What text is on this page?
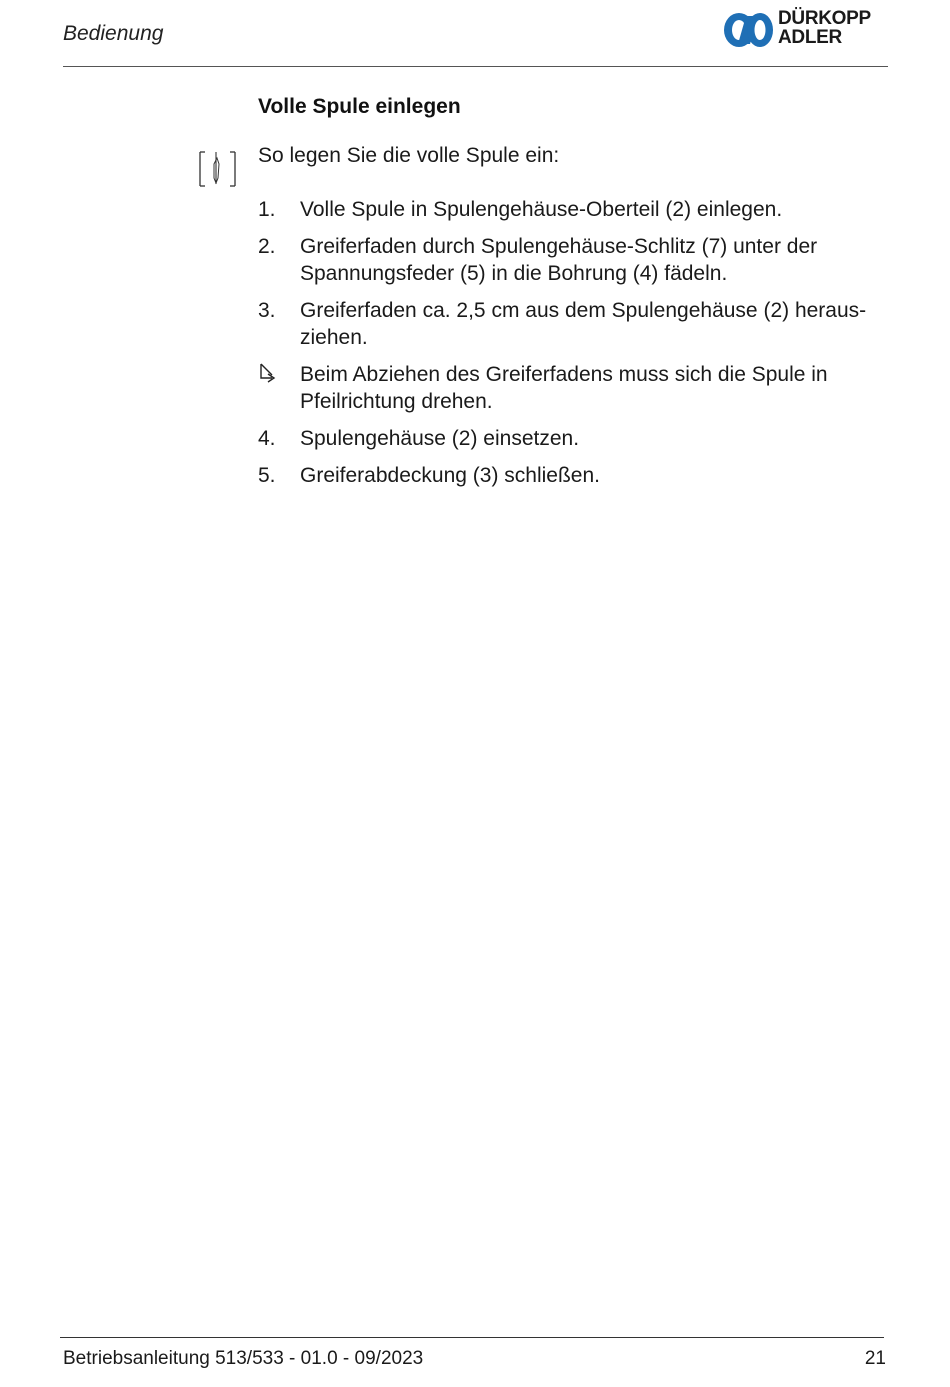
Bedienung
DÜRKOPP
ADLER
Volle Spule einlegen
So legen Sie die volle Spule ein:
1.	Volle Spule in Spulengehäuse-Oberteil (2) einlegen.
2.	Greiferfaden durch Spulengehäuse-Schlitz (7) unter der Spannungsfeder (5) in die Bohrung (4) fädeln.
3.	Greiferfaden ca. 2,5 cm aus dem Spulengehäuse (2) heraus-ziehen.
Beim Abziehen des Greiferfadens muss sich die Spule in Pfeilrichtung drehen.
4.	Spulengehäuse (2) einsetzen.
5.	Greiferabdeckung (3) schließen.
Betriebsanleitung 513/533 - 01.0 - 09/2023	21
